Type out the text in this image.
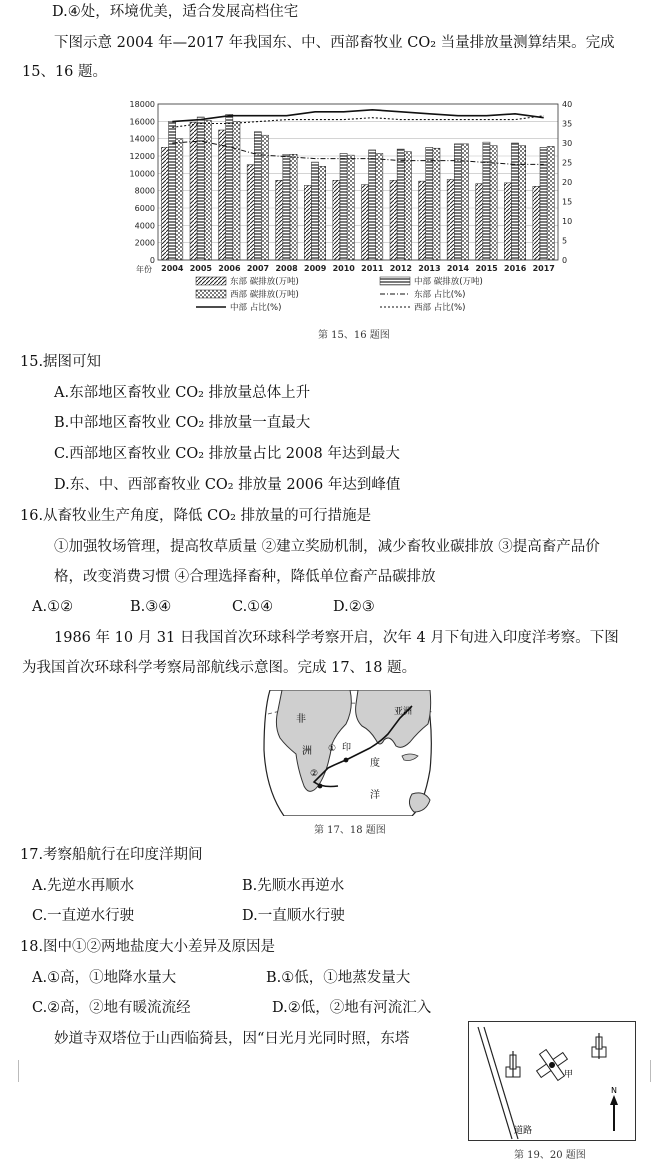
D.④处，环境优美，适合发展高档住宅
下图示意 2004 年—2017 年我国东、中、西部畜牧业 CO₂ 当量排放量测算结果。完成
15、16 题。
0
2000
4000
6000
8000
10000
12000
14000
16000
18000
0
5
10
15
20
25
30
35
40
2004 2005 2006 2007 2008 2009 2010 2011 2012 2013 2014 2015 2016 2017
年份
东部 碳排放(万吨)	中部 碳排放(万吨)
西部 碳排放(万吨)	东部 占比(%)
中部 占比(%)	西部 占比(%)
第 15、16 题图
15.据图可知
A.东部地区畜牧业 CO₂ 排放量总体上升
B.中部地区畜牧业 CO₂ 排放量一直最大
C.西部地区畜牧业 CO₂ 排放量占比 2008 年达到最大
D.东、中、西部畜牧业 CO₂ 排放量 2006 年达到峰值
16.从畜牧业生产角度，降低 CO₂ 排放量的可行措施是
①加强牧场管理，提高牧草质量 ②建立奖励机制，减少畜牧业碳排放 ③提高畜产品价
格，改变消费习惯 ④合理选择畜种，降低单位畜产品碳排放
A.①②	B.③④	C.①④	D.②③
1986 年 10 月 31 日我国首次环球科学考察开启，次年 4 月下旬进入印度洋考察。下图
为我国首次环球科学考察局部航线示意图。完成 17、18 题。
亚洲
非
洲	印
度
洋
①
②
第 17、18 题图
17.考察船航行在印度洋期间
A.先逆水再顺水	B.先顺水再逆水
C.一直逆水行驶	D.一直顺水行驶
18.图中①②两地盐度大小差异及原因是
A.①高，①地降水量大	B.①低，①地蒸发量大
C.②高，②地有暖流流经	D.②低，②地有河流汇入
妙道寺双塔位于山西临猗县，因“日光月光同时照，东塔
甲
N
道路
第 19、20 题图
